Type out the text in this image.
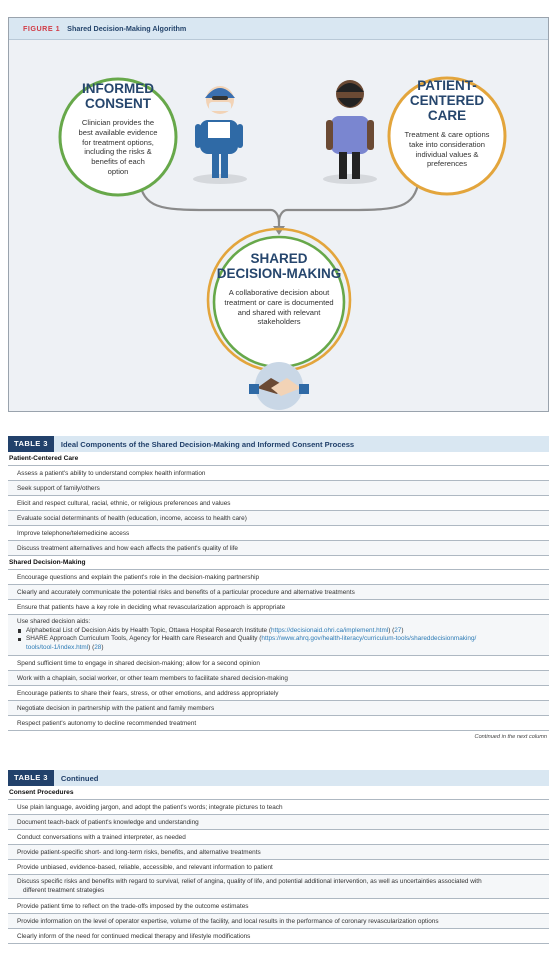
FIGURE 1 Shared Decision-Making Algorithm
INFORMED
CONSENT
Clinician provides the
best available evidence
for treatment options,
including the risks &
benefits of each
option
PATIENT-
CENTERED
CARE
Treatment & care options
take into consideration
individual values &
preferences
SHARED
DECISION-MAKING
A collaborative decision about
treatment or care is documented
and shared with relevant
stakeholders
TABLE 3	Ideal Components of the Shared Decision-Making and Informed Consent Process
Patient-Centered Care
Assess a patient's ability to understand complex health information
Seek support of family/others
Elicit and respect cultural, racial, ethnic, or religious preferences and values
Evaluate social determinants of health (education, income, access to health care)
Improve telephone/telemedicine access
Discuss treatment alternatives and how each affects the patient's quality of life
Shared Decision-Making
Encourage questions and explain the patient's role in the decision-making partnership
Clearly and accurately communicate the potential risks and benefits of a particular procedure and alternative treatments
Ensure that patients have a key role in deciding what revascularization approach is appropriate
Use shared decision aids:
Alphabetical List of Decision Aids by Health Topic, Ottawa Hospital Research Institute (https://decisionaid.ohri.ca/implement.html) (27)
SHARE Approach Curriculum Tools, Agency for Health care Research and Quality (https://www.ahrq.gov/health-literacy/curriculum-tools/shareddecisionmaking/
tools/tool-1/index.html) (28)
Spend sufficient time to engage in shared decision-making; allow for a second opinion
Work with a chaplain, social worker, or other team members to facilitate shared decision-making
Encourage patients to share their fears, stress, or other emotions, and address appropriately
Negotiate decision in partnership with the patient and family members
Respect patient's autonomy to decline recommended treatment
Continued in the next column
TABLE 3	Continued
Consent Procedures
Use plain language, avoiding jargon, and adopt the patient's words; integrate pictures to teach
Document teach-back of patient's knowledge and understanding
Conduct conversations with a trained interpreter, as needed
Provide patient-specific short- and long-term risks, benefits, and alternative treatments
Provide unbiased, evidence-based, reliable, accessible, and relevant information to patient
Discuss specific risks and benefits with regard to survival, relief of angina, quality of life, and potential additional intervention, as well as uncertainties associated with
different treatment strategies
Provide patient time to reflect on the trade-offs imposed by the outcome estimates
Provide information on the level of operator expertise, volume of the facility, and local results in the performance of coronary revascularization options
Clearly inform of the need for continued medical therapy and lifestyle modifications
